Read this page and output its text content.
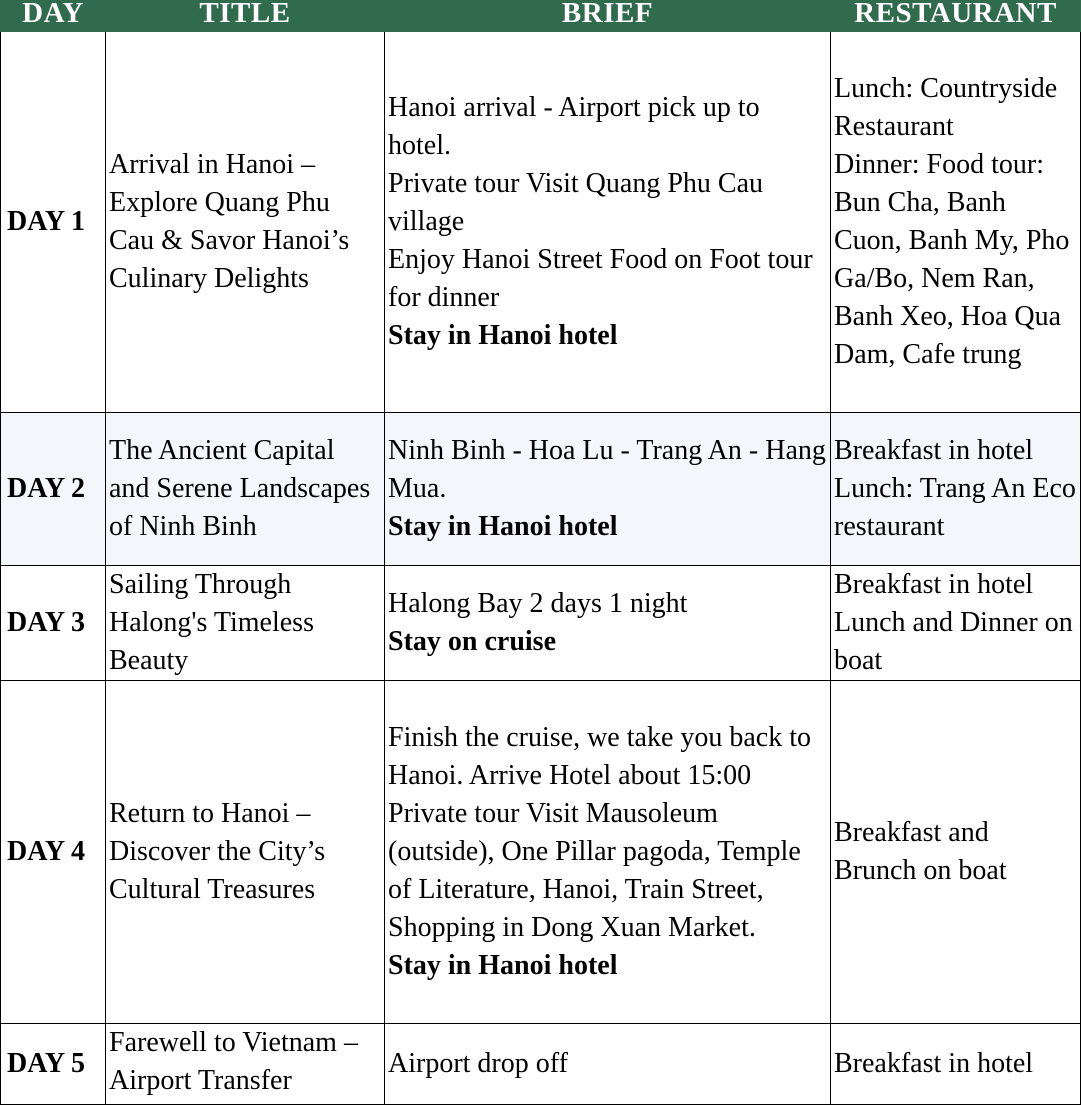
DAY	TITLE	BRIEF	RESTAURANT
DAY 1	Arrival in Hanoi – Explore Quang Phu Cau & Savor Hanoi’s Culinary Delights	Hanoi arrival - Airport pick up to hotel.
Private tour Visit Quang Phu Cau village
Enjoy Hanoi Street Food on Foot tour for dinner
Stay in Hanoi hotel	Lunch: Countryside Restaurant
Dinner: Food tour: Bun Cha, Banh Cuon, Banh My, Pho Ga/Bo, Nem Ran, Banh Xeo, Hoa Qua Dam, Cafe trung

DAY 2	The Ancient Capital and Serene Landscapes of Ninh Binh	Ninh Binh - Hoa Lu - Trang An - Hang Mua.
Stay in Hanoi hotel	Breakfast in hotel
Lunch: Trang An Eco restaurant

DAY 3	Sailing Through Halong's Timeless Beauty	Halong Bay 2 days 1 night
Stay on cruise	Breakfast in hotel
Lunch and Dinner on boat

DAY 4	Return to Hanoi – Discover the City’s Cultural Treasures	Finish the cruise, we take you back to Hanoi. Arrive Hotel about 15:00
Private tour Visit Mausoleum (outside), One Pillar pagoda, Temple of Literature, Hanoi, Train Street, Shopping in Dong Xuan Market.
Stay in Hanoi hotel	Breakfast and Brunch on boat

DAY 5	Farewell to Vietnam – Airport Transfer	Airport drop off	Breakfast in hotel
